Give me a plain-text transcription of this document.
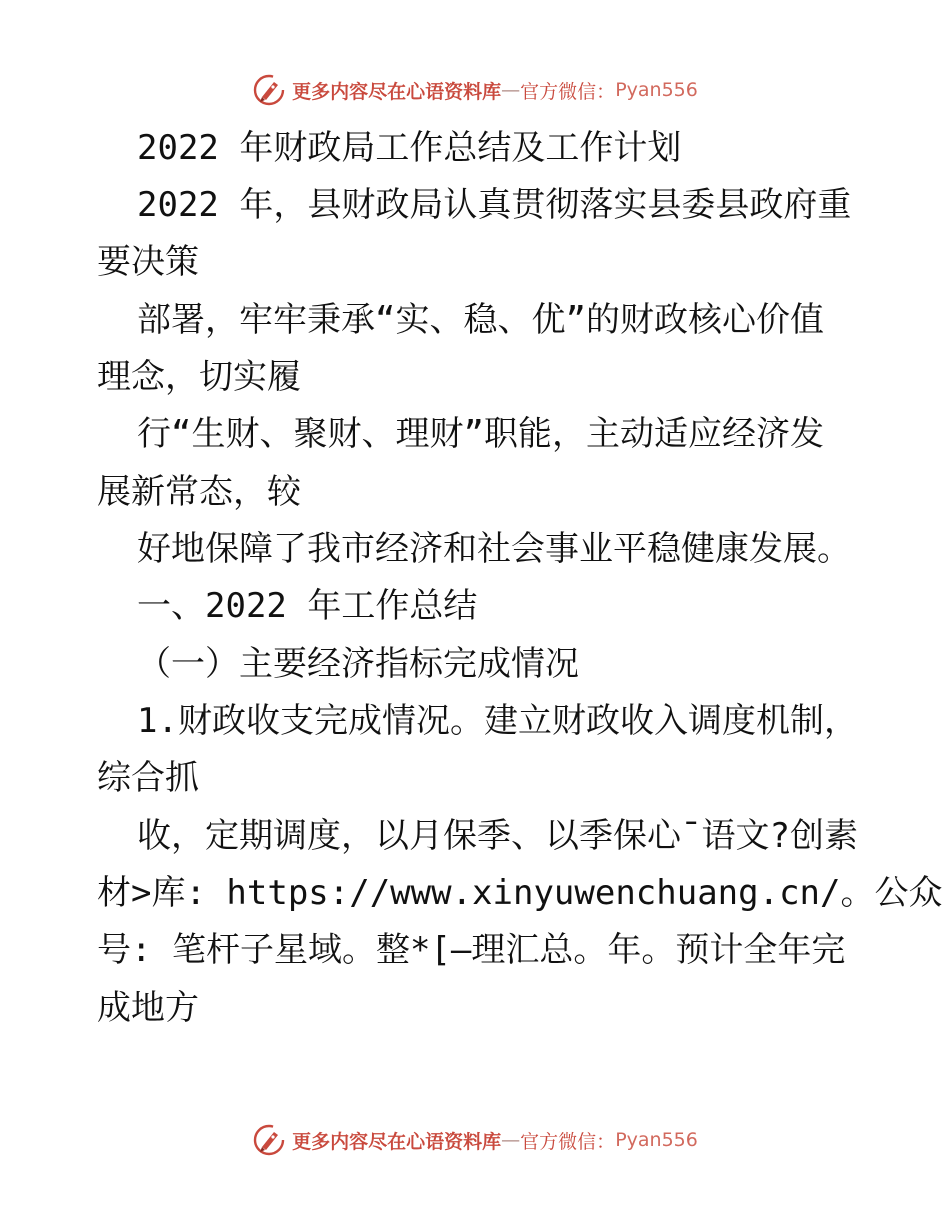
更多内容尽在心语资料库 — 官方微信： Pyan556
2022 年财政局工作总结及工作计划
2022 年，县财政局认真贯彻落实县委县政府重
要决策
部署，牢牢秉承“实、稳、优”的财政核心价值
理念，切实履
行“生财、聚财、理财”职能，主动适应经济发
展新常态，较
好地保障了我市经济和社会事业平稳健康发展。
一、2022 年工作总结
（一）主要经济指标完成情况
1.财政收支完成情况。建立财政收入调度机制，
综合抓
收，定期调度，以月保季、以季保心¯语文?创素
材>库: https://www.xinyuwenchuang.cn/。公众
号: 笔杆子星域。整*[—理汇总。年。预计全年完
成地方
更多内容尽在心语资料库 — 官方微信： Pyan556
